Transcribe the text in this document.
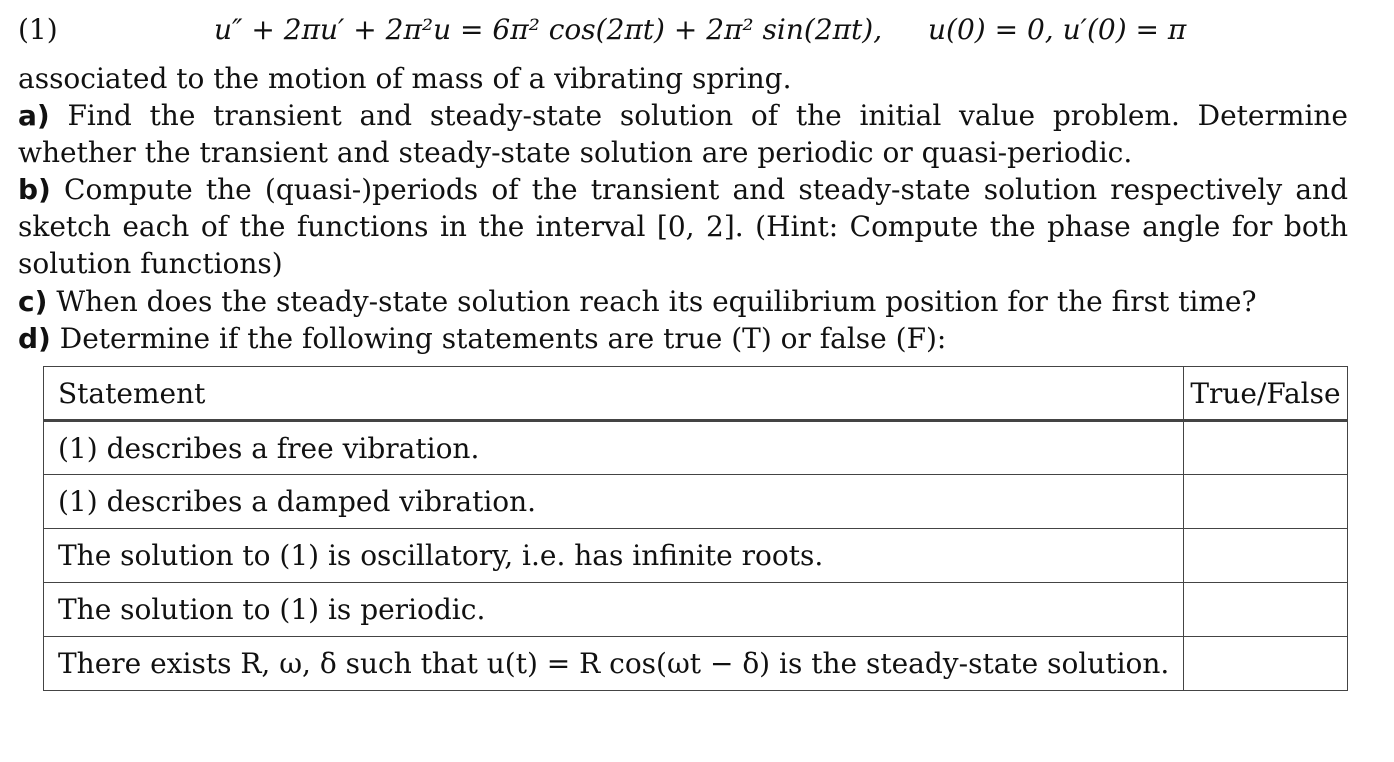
(1)	u″ + 2πu′ + 2π²u = 6π² cos(2πt) + 2π² sin(2πt), u(0) = 0, u′(0) = π
associated to the motion of mass of a vibrating spring.
a) Find the transient and steady-state solution of the initial value problem. Determine whether the transient and steady-state solution are periodic or quasi-periodic.
b) Compute the (quasi-)periods of the transient and steady-state solution respectively and sketch each of the functions in the interval [0, 2]. (Hint: Compute the phase angle for both solution functions)
c) When does the steady-state solution reach its equilibrium position for the first time?
d) Determine if the following statements are true (T) or false (F):
Statement	True/False
(1) describes a free vibration.	
(1) describes a damped vibration.	
The solution to (1) is oscillatory, i.e. has infinite roots.	
The solution to (1) is periodic.	
There exists R, ω, δ such that u(t) = R cos(ωt − δ) is the steady-state solution.	
